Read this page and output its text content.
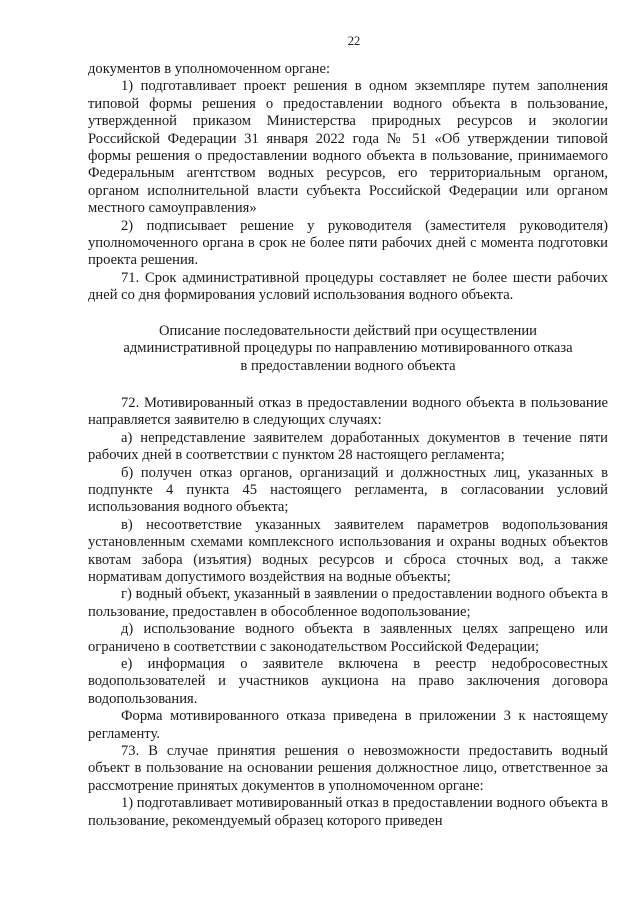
22

документов в уполномоченном органе:

1) подготавливает проект решения в одном экземпляре путем заполнения типовой формы решения о предоставлении водного объекта в пользование, утвержденной приказом Министерства природных ресурсов и экологии Российской Федерации 31 января 2022 года № 51 «Об утверждении типовой формы решения о предоставлении водного объекта в пользование, принимаемого Федеральным агентством водных ресурсов, его территориальным органом, органом исполнительной власти субъекта Российской Федерации или органом местного самоуправления»

2) подписывает решение у руководителя (заместителя руководителя) уполномоченного органа в срок не более пяти рабочих дней с момента подготовки проекта решения.

71. Срок административной процедуры составляет не более шести рабочих дней со дня формирования условий использования водного объекта.

Описание последовательности действий при осуществлении
административной процедуры по направлению мотивированного отказа
в предоставлении водного объекта

72. Мотивированный отказ в предоставлении водного объекта в пользование направляется заявителю в следующих случаях:

а) непредставление заявителем доработанных документов в течение пяти рабочих дней в соответствии с пунктом 28 настоящего регламента;

б) получен отказ органов, организаций и должностных лиц, указанных в подпункте 4 пункта 45 настоящего регламента, в согласовании условий использования водного объекта;

в) несоответствие указанных заявителем параметров водопользования установленным схемами комплексного использования и охраны водных объектов квотам забора (изъятия) водных ресурсов и сброса сточных вод, а также нормативам допустимого воздействия на водные объекты;

г) водный объект, указанный в заявлении о предоставлении водного объекта в пользование, предоставлен в обособленное водопользование;

д) использование водного объекта в заявленных целях запрещено или ограничено в соответствии с законодательством Российской Федерации;

е) информация о заявителе включена в реестр недобросовестных водопользователей и участников аукциона на право заключения договора водопользования.

Форма мотивированного отказа приведена в приложении 3 к настоящему регламенту.

73. В случае принятия решения о невозможности предоставить водный объект в пользование на основании решения должностное лицо, ответственное за рассмотрение принятых документов в уполномоченном органе:

1) подготавливает мотивированный отказ в предоставлении водного объекта в пользование, рекомендуемый образец которого приведен
